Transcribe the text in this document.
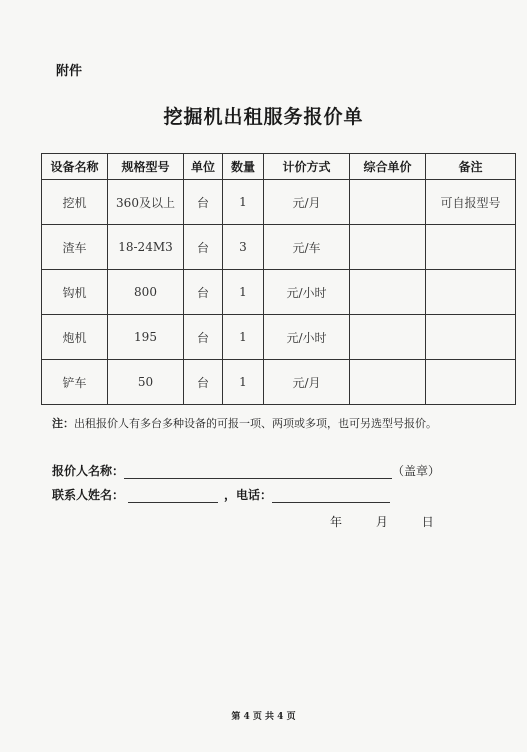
附件
挖掘机出租服务报价单
设备名称	规格型号	单位	数量	计价方式	综合单价	备注
挖机	360及以上	台	1	元/月		可自报型号
渣车	18-24M3	台	3	元/车		
钩机	800	台	1	元/小时		
炮机	195	台	1	元/小时		
铲车	50	台	1	元/月		
注：出租报价人有多台多种设备的可报一项、两项或多项，也可另选型号报价。
报价人名称：	（盖章）
联系人姓名：	，电话：
年	月	日
第 4 页 共 4 页
